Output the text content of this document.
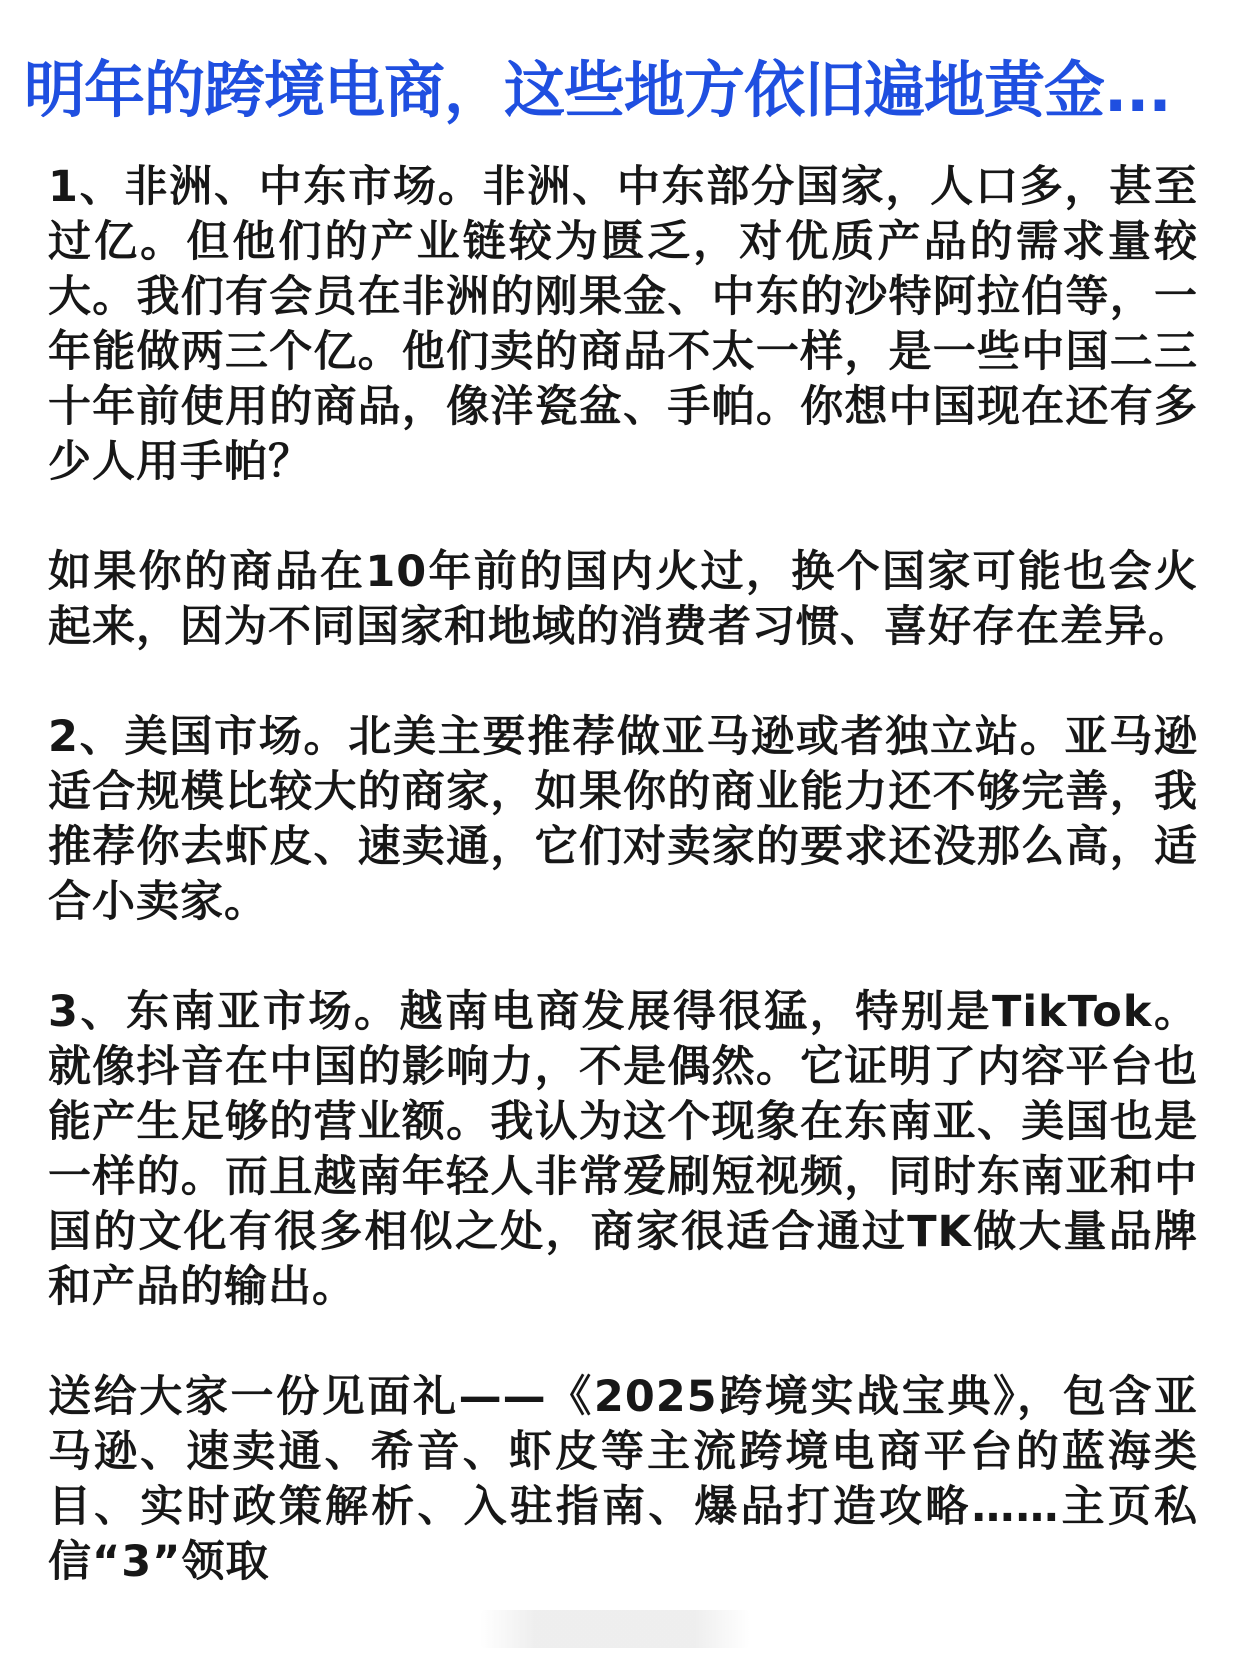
明年的跨境电商，这些地方依旧遍地黄金...

1、非洲、中东市场。非洲、中东部分国家，人口多，甚至过亿。但他们的产业链较为匮乏，对优质产品的需求量较大。我们有会员在非洲的刚果金、中东的沙特阿拉伯等，一年能做两三个亿。他们卖的商品不太一样，是一些中国二三十年前使用的商品，像洋瓷盆、手帕。你想中国现在还有多少人用手帕？

如果你的商品在10年前的国内火过，换个国家可能也会火起来，因为不同国家和地域的消费者习惯、喜好存在差异。

2、美国市场。北美主要推荐做亚马逊或者独立站。亚马逊适合规模比较大的商家，如果你的商业能力还不够完善，我推荐你去虾皮、速卖通，它们对卖家的要求还没那么高，适合小卖家。

3、东南亚市场。越南电商发展得很猛，特别是TikTok。就像抖音在中国的影响力，不是偶然。它证明了内容平台也能产生足够的营业额。我认为这个现象在东南亚、美国也是一样的。而且越南年轻人非常爱刷短视频，同时东南亚和中国的文化有很多相似之处，商家很适合通过TK做大量品牌和产品的输出。

送给大家一份见面礼——《2025跨境实战宝典》，包含亚马逊、速卖通、希音、虾皮等主流跨境电商平台的蓝海类目、实时政策解析、入驻指南、爆品打造攻略……主页私信“3”领取
